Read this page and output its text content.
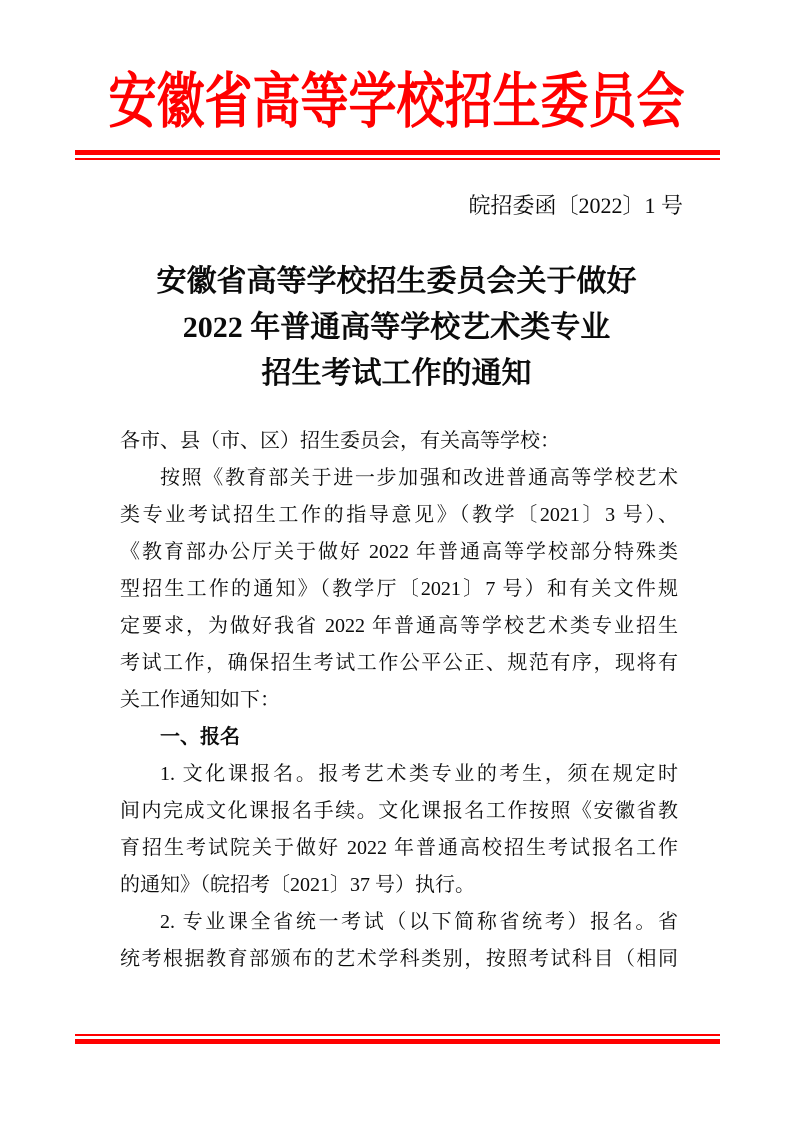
安徽省高等学校招生委员会
皖招委函〔2022〕1 号
安徽省高等学校招生委员会关于做好
2022 年普通高等学校艺术类专业
招生考试工作的通知
各市、县（市、区）招生委员会，有关高等学校：
按照《教育部关于进一步加强和改进普通高等学校艺术
类专业考试招生工作的指导意见》（教学〔2021〕3 号）、
《教育部办公厅关于做好 2022 年普通高等学校部分特殊类
型招生工作的通知》（教学厅〔2021〕7 号）和有关文件规
定要求，为做好我省 2022 年普通高等学校艺术类专业招生
考试工作，确保招生考试工作公平公正、规范有序，现将有
关工作通知如下：
一、报名
1. 文化课报名。报考艺术类专业的考生，须在规定时
间内完成文化课报名手续。文化课报名工作按照《安徽省教
育招生考试院关于做好 2022 年普通高校招生考试报名工作
的通知》（皖招考〔2021〕37 号）执行。
2. 专业课全省统一考试（以下简称省统考）报名。省
统考根据教育部颁布的艺术学科类别，按照考试科目（相同
